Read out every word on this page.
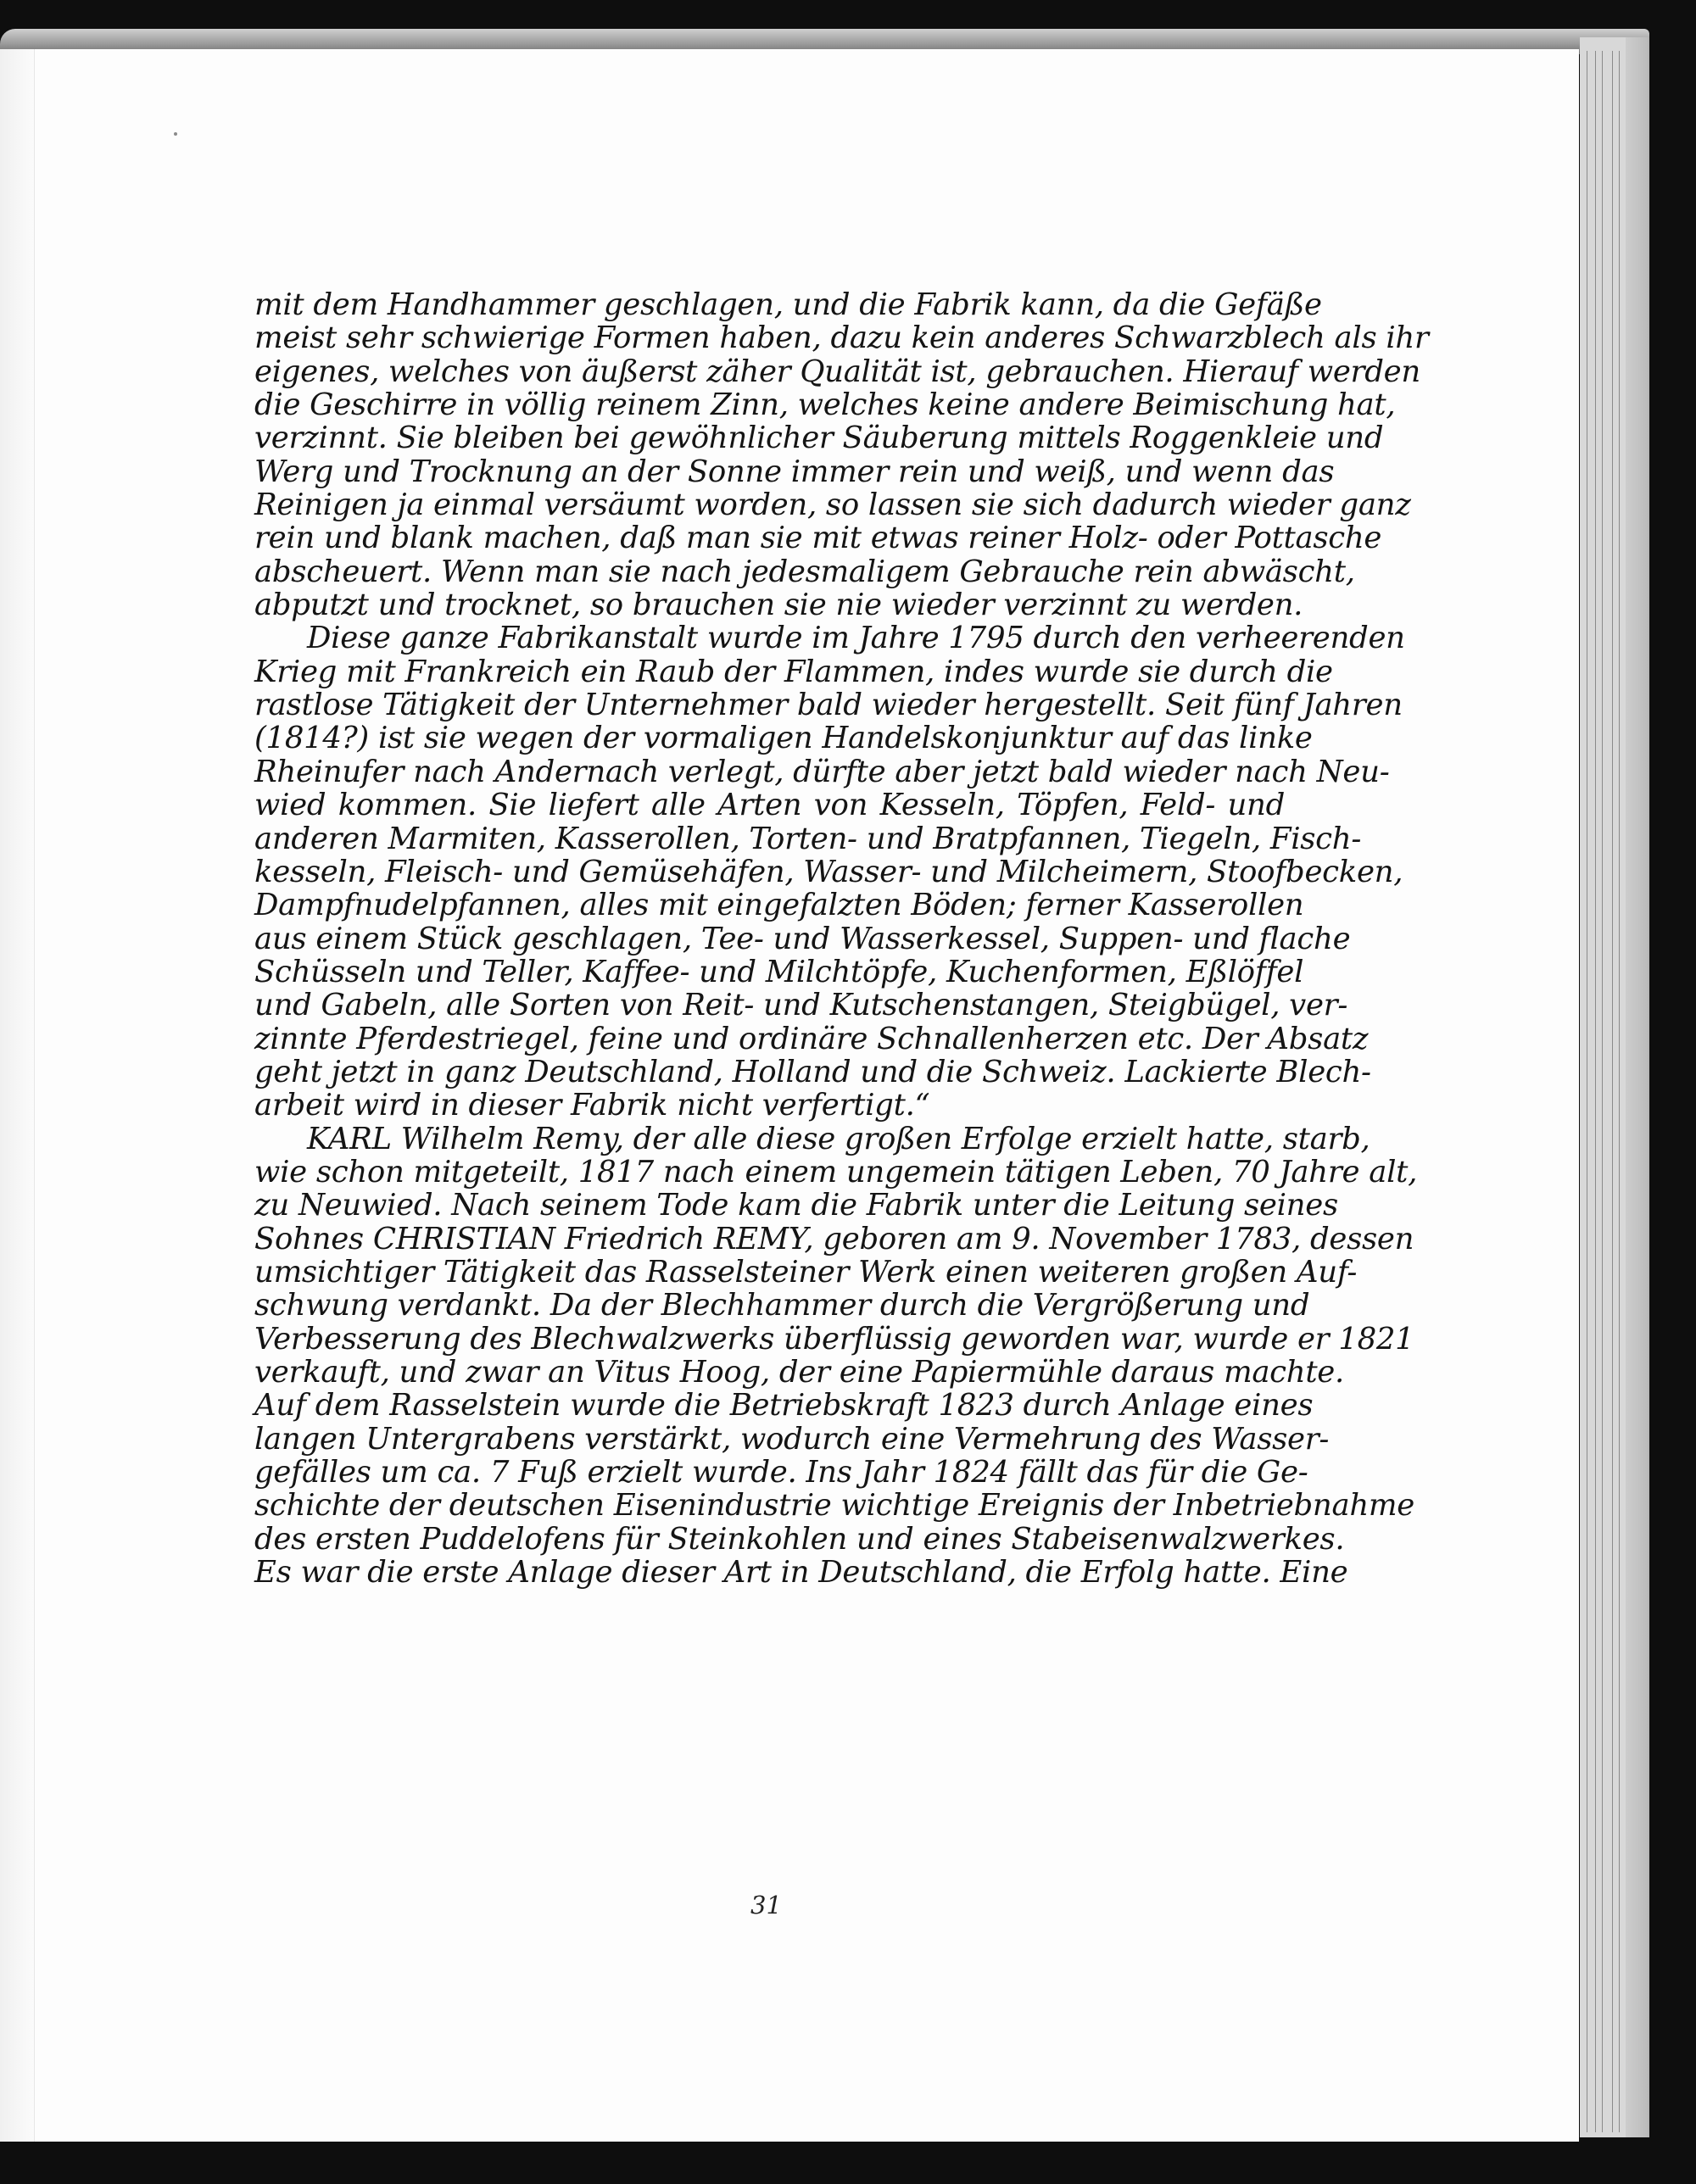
mit dem Handhammer geschlagen, und die Fabrik kann, da die Gefäße
meist sehr schwierige Formen haben, dazu kein anderes Schwarzblech als ihr
eigenes, welches von äußerst zäher Qualität ist, gebrauchen. Hierauf werden
die Geschirre in völlig reinem Zinn, welches keine andere Beimischung hat,
verzinnt. Sie bleiben bei gewöhnlicher Säuberung mittels Roggenkleie und
Werg und Trocknung an der Sonne immer rein und weiß, und wenn das
Reinigen ja einmal versäumt worden, so lassen sie sich dadurch wieder ganz
rein und blank machen, daß man sie mit etwas reiner Holz- oder Pottasche
abscheuert. Wenn man sie nach jedesmaligem Gebrauche rein abwäscht,
abputzt und trocknet, so brauchen sie nie wieder verzinnt zu werden.
Diese ganze Fabrikanstalt wurde im Jahre 1795 durch den verheerenden
Krieg mit Frankreich ein Raub der Flammen, indes wurde sie durch die
rastlose Tätigkeit der Unternehmer bald wieder hergestellt. Seit fünf Jahren
(1814?) ist sie wegen der vormaligen Handelskonjunktur auf das linke
Rheinufer nach Andernach verlegt, dürfte aber jetzt bald wieder nach Neu-
wied kommen. Sie liefert alle Arten von Kesseln, Töpfen, Feld- und
anderen Marmiten, Kasserollen, Torten- und Bratpfannen, Tiegeln, Fisch-
kesseln, Fleisch- und Gemüsehäfen, Wasser- und Milcheimern, Stoofbecken,
Dampfnudelpfannen, alles mit eingefalzten Böden; ferner Kasserollen
aus einem Stück geschlagen, Tee- und Wasserkessel, Suppen- und flache
Schüsseln und Teller, Kaffee- und Milchtöpfe, Kuchenformen, Eßlöffel
und Gabeln, alle Sorten von Reit- und Kutschenstangen, Steigbügel, ver-
zinnte Pferdestriegel, feine und ordinäre Schnallenherzen etc. Der Absatz
geht jetzt in ganz Deutschland, Holland und die Schweiz. Lackierte Blech-
arbeit wird in dieser Fabrik nicht verfertigt.“
KARL Wilhelm Remy, der alle diese großen Erfolge erzielt hatte, starb,
wie schon mitgeteilt, 1817 nach einem ungemein tätigen Leben, 70 Jahre alt,
zu Neuwied. Nach seinem Tode kam die Fabrik unter die Leitung seines
Sohnes CHRISTIAN Friedrich REMY, geboren am 9. November 1783, dessen
umsichtiger Tätigkeit das Rasselsteiner Werk einen weiteren großen Auf-
schwung verdankt. Da der Blechhammer durch die Vergrößerung und
Verbesserung des Blechwalzwerks überflüssig geworden war, wurde er 1821
verkauft, und zwar an Vitus Hoog, der eine Papiermühle daraus machte.
Auf dem Rasselstein wurde die Betriebskraft 1823 durch Anlage eines
langen Untergrabens verstärkt, wodurch eine Vermehrung des Wasser-
gefälles um ca. 7 Fuß erzielt wurde. Ins Jahr 1824 fällt das für die Ge-
schichte der deutschen Eisenindustrie wichtige Ereignis der Inbetriebnahme
des ersten Puddelofens für Steinkohlen und eines Stabeisenwalzwerkes.
Es war die erste Anlage dieser Art in Deutschland, die Erfolg hatte. Eine
31
